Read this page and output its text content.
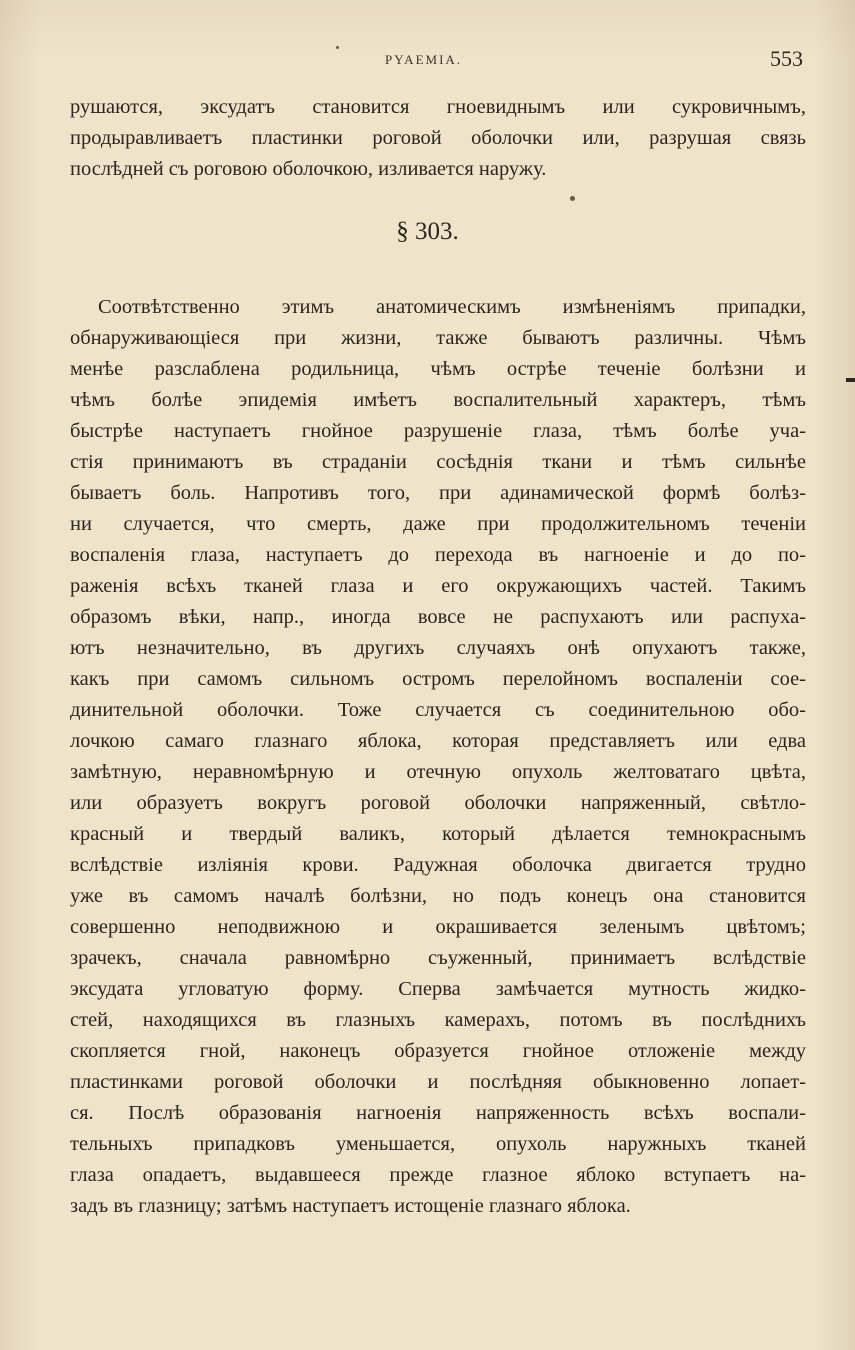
PYAEMIA.	553
рушаются, эксудатъ становится гноевиднымъ или сукровичнымъ,
продыравливаетъ пластинки роговой оболочки или, разрушая связь
послѣдней съ роговою оболочкою, изливается наружу.
§ 303.
Соотвѣтственно этимъ анатомическимъ измѣненiямъ припадки,
обнаруживающiеся при жизни, также бываютъ различны. Чѣмъ
менѣе разслаблена родильница, чѣмъ острѣе теченiе болѣзни и
чѣмъ болѣе эпидемiя имѣетъ воспалительный характеръ, тѣмъ
быстрѣе наступаетъ гнойное разрушенiе глаза, тѣмъ болѣе уча-
стiя принимаютъ въ страданiи сосѣднiя ткани и тѣмъ сильнѣе
бываетъ боль. Напротивъ того, при адинамической формѣ болѣз-
ни случается, что смерть, даже при продолжительномъ теченiи
воспаленiя глаза, наступаетъ до перехода въ нагноенiе и до по-
раженiя всѣхъ тканей глаза и его окружающихъ частей. Такимъ
образомъ вѣки, напр., иногда вовсе не распухаютъ или распуха-
ютъ незначительно, въ другихъ случаяхъ онѣ опухаютъ также,
какъ при самомъ сильномъ остромъ перелойномъ воспаленiи сое-
динительной оболочки. Тоже случается съ соединительною обо-
лочкою самаго глазнаго яблока, которая представляетъ или едва
замѣтную, неравномѣрную и отечную опухоль желтоватаго цвѣта,
или образуетъ вокругъ роговой оболочки напряженный, свѣтло-
красный и твердый валикъ, который дѣлается темнокраснымъ
вслѣдствiе излiянiя крови. Радужная оболочка двигается трудно
уже въ самомъ началѣ болѣзни, но подъ конецъ она становится
совершенно неподвижною и окрашивается зеленымъ цвѣтомъ;
зрачекъ, сначала равномѣрно съуженный, принимаетъ вслѣдствiе
эксудата угловатую форму. Сперва замѣчается мутность жидко-
стей, находящихся въ глазныхъ камерахъ, потомъ въ послѣднихъ
скопляется гной, наконецъ образуется гнойное отложенiе между
пластинками роговой оболочки и послѣдняя обыкновенно лопает-
ся. Послѣ образованiя нагноенiя напряженность всѣхъ воспали-
тельныхъ припадковъ уменьшается, опухоль наружныхъ тканей
глаза опадаетъ, выдавшееся прежде глазное яблоко вступаетъ на-
задъ въ глазницу; затѣмъ наступаетъ истощенiе глазнаго яблока.
